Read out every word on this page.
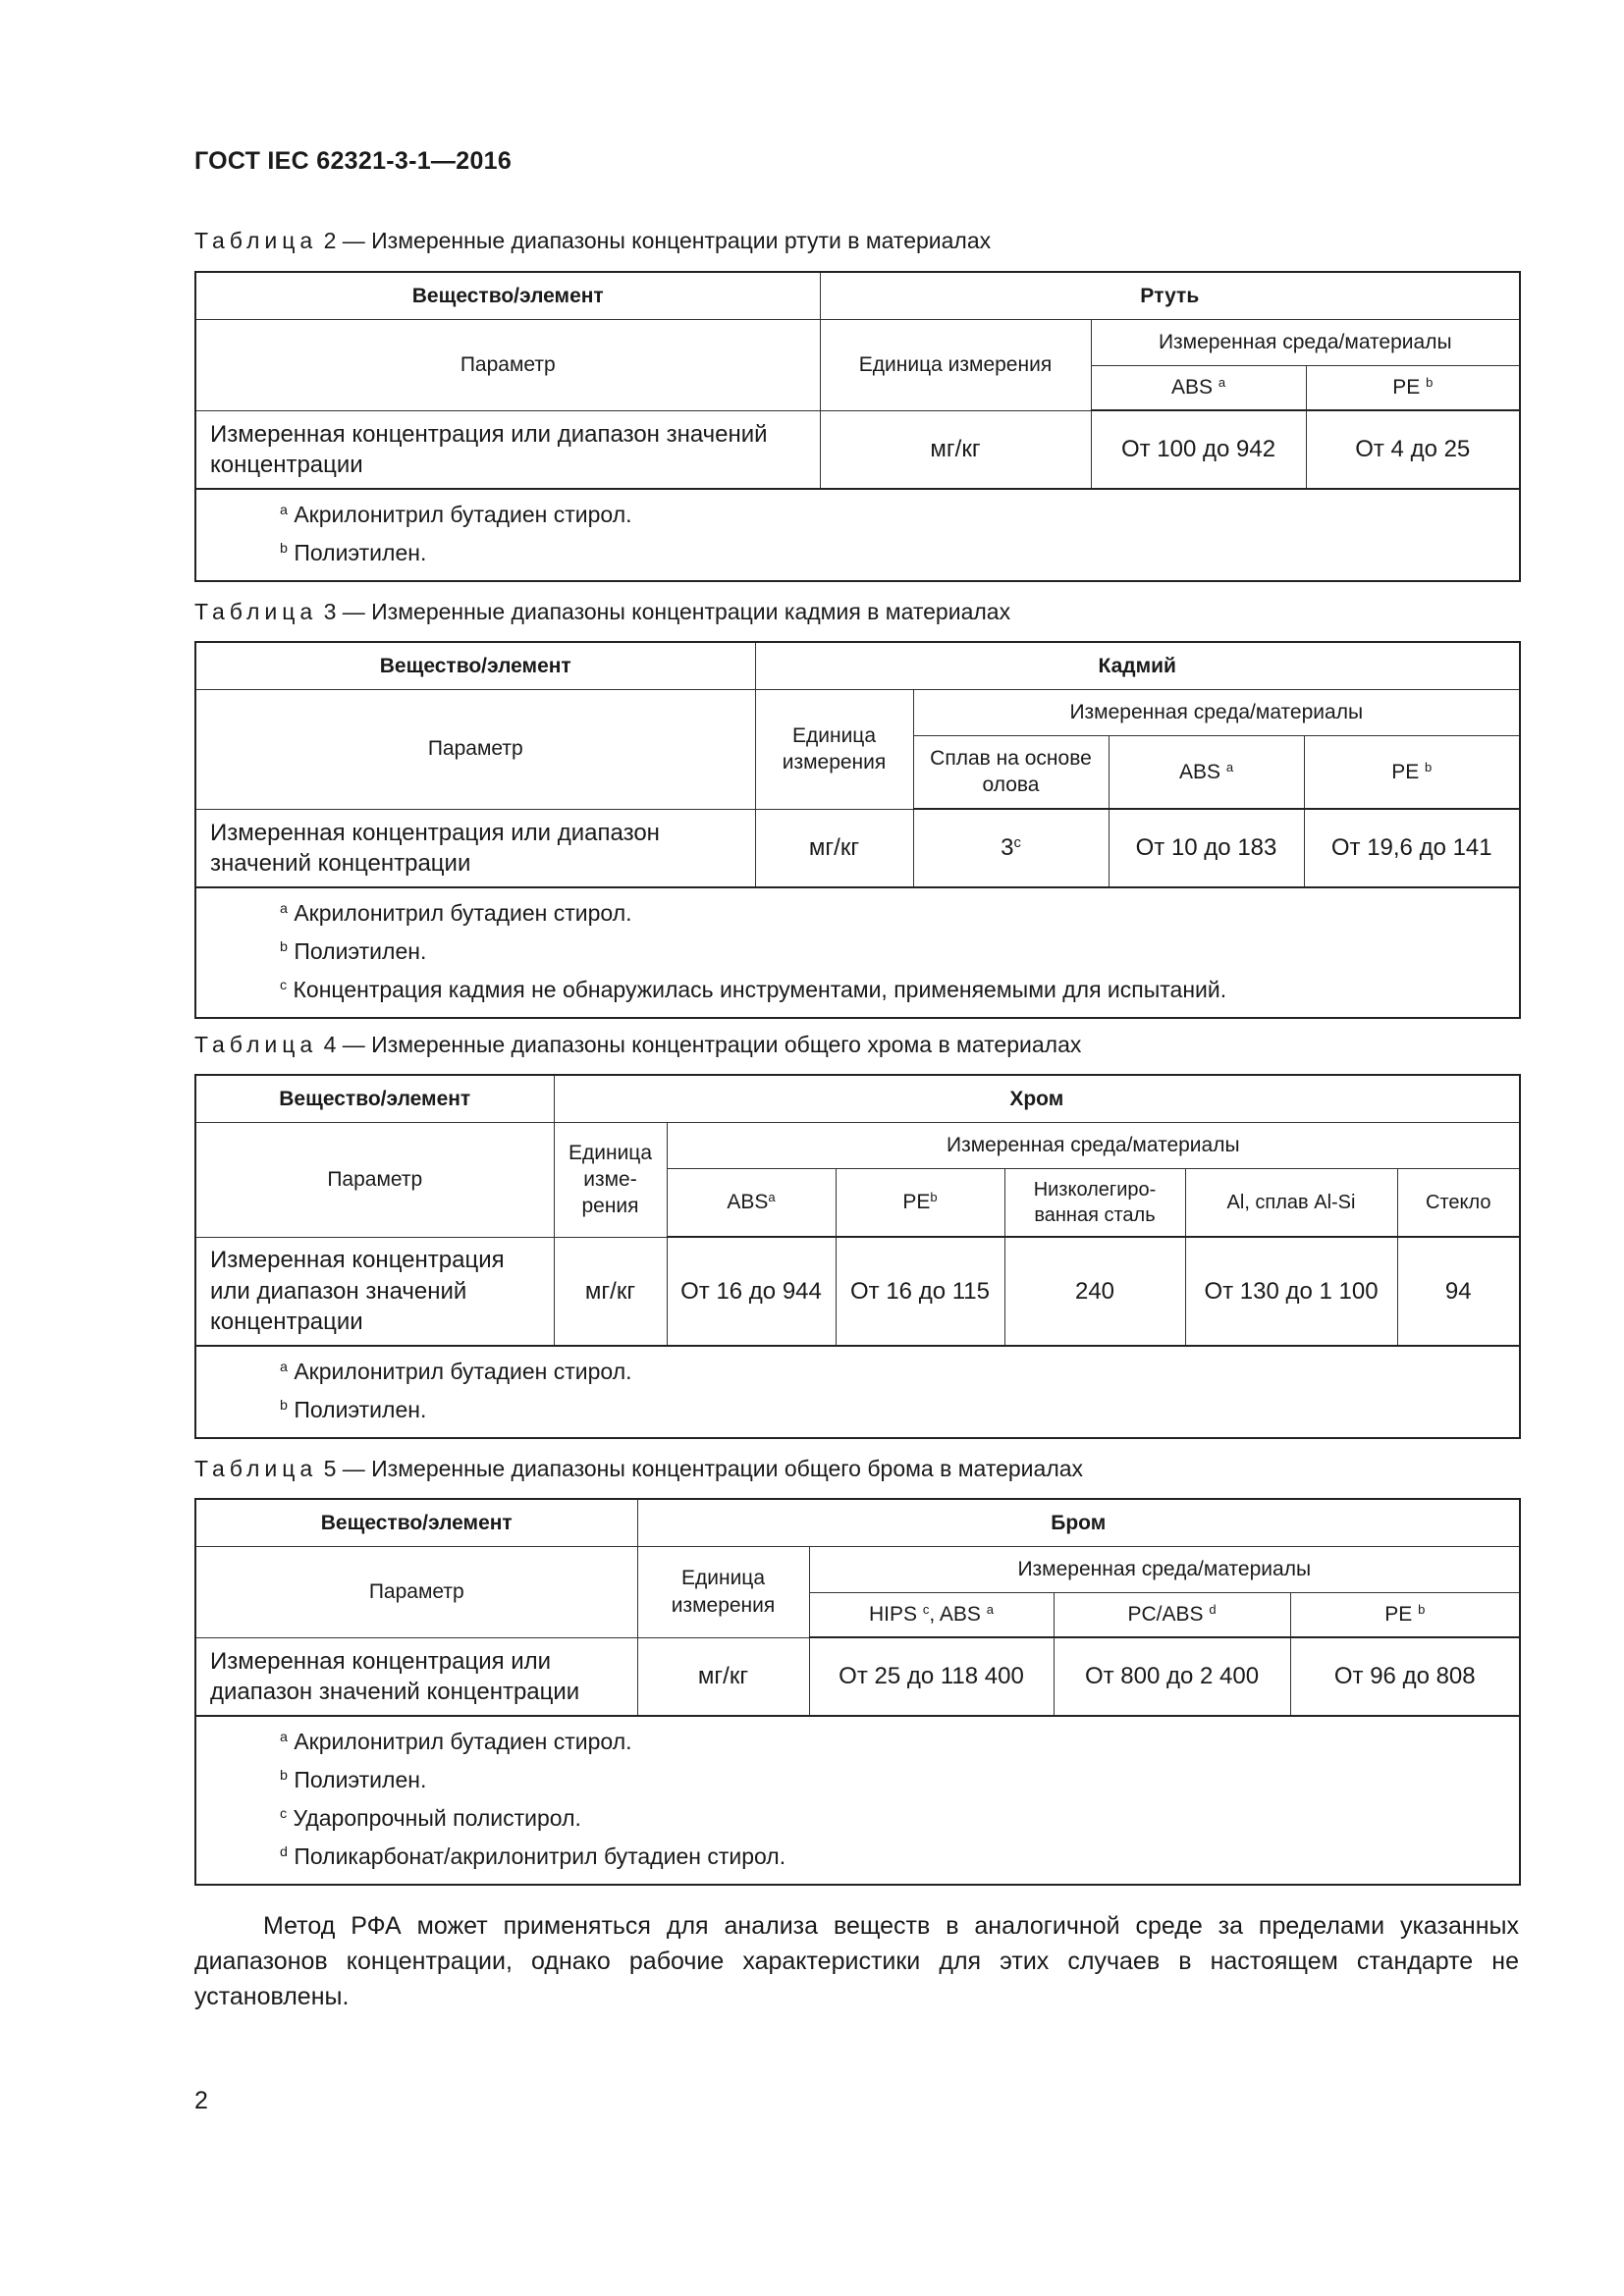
ГОСТ IEC 62321-3-1—2016
Таблица 2 — Измеренные диапазоны концентрации ртути в материалах
Вещество/элемент	Ртуть		
Параметр	Единица измерения	Измеренная среда/материалы	
		ABS $^a$	PE $^b$
Измеренная концентрация или диапазон значений концентрации	мг/кг	От 100 до 942	От 4 до 25

$^a$ Акрилонитрил бутадиен стирол.
$^b$ Полиэтилен.			
Таблица 3 — Измеренные диапазоны концентрации кадмия в материалах
Вещество/элемент	Кадмий			
Параметр	Единица измерения	Измеренная среда/материалы		
		Сплав на основе олова	ABS $^a$	PE $^b$
Измеренная концентрация или диапазон значений концентрации	мг/кг	3$^c$	От 10 до 183	От 19,6 до 141

$^a$ Акрилонитрил бутадиен стирол.
$^b$ Полиэтилен.
$^c$ Концентрация кадмия не обнаружилась инструментами, применяемыми для испытаний.				
Таблица 4 — Измеренные диапазоны концентрации общего хрома в материалах
Вещество/элемент	Хром					
Параметр	Единица изме-рения	Измеренная среда/материалы				
		ABS$^a$	$PE^b$	Низколегиро-ванная сталь	Al, сплав Al-Si	Стекло
Измеренная концентрация или диапазон значений концентрации	мг/кг	От 16 до 944	От 16 до 115	240	От 130 до 1 100	94

$^a$ Акрилонитрил бутадиен стирол.
$^b$ Полиэтилен.						
Таблица 5 — Измеренные диапазоны концентрации общего брома в материалах
Вещество/элемент	Бром			
Параметр	Единица измерения	Измеренная среда/материалы		
		HIPS $^c$, ABS $^a$	PC/ABS $^d$	PE $^b$
Измеренная концентрация или диапазон значений концентрации	мг/кг	От 25 до 118 400	От 800 до 2 400	От 96 до 808

$^a$ Акрилонитрил бутадиен стирол.
$^b$ Полиэтилен.
$^c$ Ударопрочный полистирол.
$^d$ Поликарбонат/акрилонитрил бутадиен стирол.				
Метод РФА может применяться для анализа веществ в аналогичной среде за пределами указанных диапазонов концентрации, однако рабочие характеристики для этих случаев в настоящем стандарте не установлены.
2
